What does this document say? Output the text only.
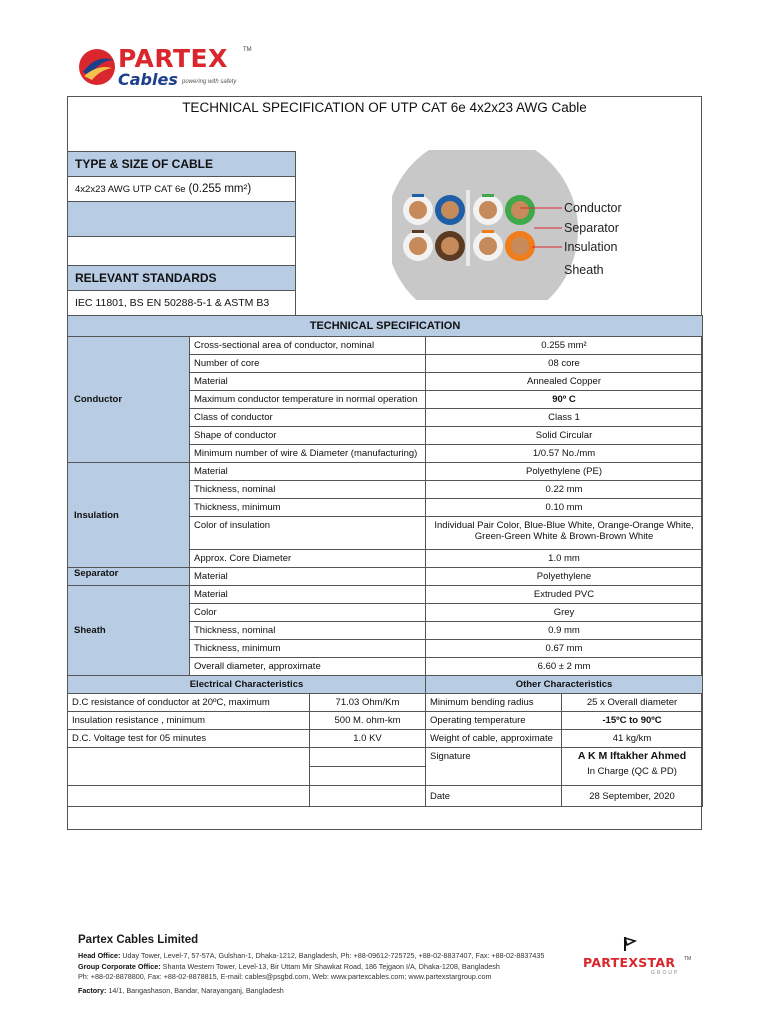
PARTEX	TM
Cables powering with safety
TECHNICAL SPECIFICATION OF UTP CAT 6e 4x2x23 AWG Cable
TYPE & SIZE OF CABLE
4x2x23 AWG UTP CAT 6e (0.255 mm²)
RELEVANT STANDARDS
IEC 11801, BS EN 50288-5-1 & ASTM B3
Conductor
Separator
Insulation
Sheath
TECHNICAL SPECIFICATION				
Conductor	Cross-sectional area of conductor, nominal		0.255 mm²	
	Number of core		08 core	
	Material		Annealed Copper	
	Maximum conductor temperature in normal operation		90º C	
	Class of conductor		Class 1	
	Shape of conductor		Solid Circular	
	Minimum number of wire & Diameter (manufacturing)		1/0.57 No./mm	
Insulation	Material		Polyethylene (PE)	
	Thickness, nominal		0.22 mm	
	Thickness, minimum		0.10 mm	
	Color of insulation		Individual Pair Color, Blue-Blue White, Orange-Orange White,
Green-Green White & Brown-Brown White	

	Approx. Core Diameter		1.0 mm	
Separator	Material		Polyethylene	
Sheath	Material		Extruded PVC	
	Color		Grey	
	Thickness, nominal		0.9 mm	
	Thickness, minimum		0.67 mm	
	Overall diameter, approximate		6.60 ± 2 mm	
Electrical Characteristics			Other Characteristics	
D.C resistance of conductor at 20ºC, maximum		71.03 Ohm/Km	Minimum bending radius	25 x Overall diameter
Insulation resistance , minimum		500 M. ohm-km	Operating temperature	-15ºC to 90ºC
D.C. Voltage test for 05 minutes		1.0 KV	Weight of cable, approximate	41 kg/km
			Signature	A K M Iftakher Ahmed
In Charge (QC & PD)

			Date	28 September, 2020
Partex Cables Limited
Head Office: Uday Tower, Level-7, 57-57A, Gulshan-1, Dhaka-1212, Bangladesh, Ph: +88-09612-725725, +88-02-8837407, Fax: +88-02-8837435
Group Corporate Office: Shanta Western Tower, Level-13, Bir Uttam Mir Shawkat Road, 186 Tejgaon I/A, Dhaka-1208, Bangladesh
Ph: +88-02-8878800, Fax: +88-02-8878815, E-mail: cables@psgbd.com, Web: www.partexcables.com; www.partexstargroup.com
Factory: 14/1, Bangashason, Bandar, Narayanganj, Bangladesh
PARTEXSTAR TM
GROUP
